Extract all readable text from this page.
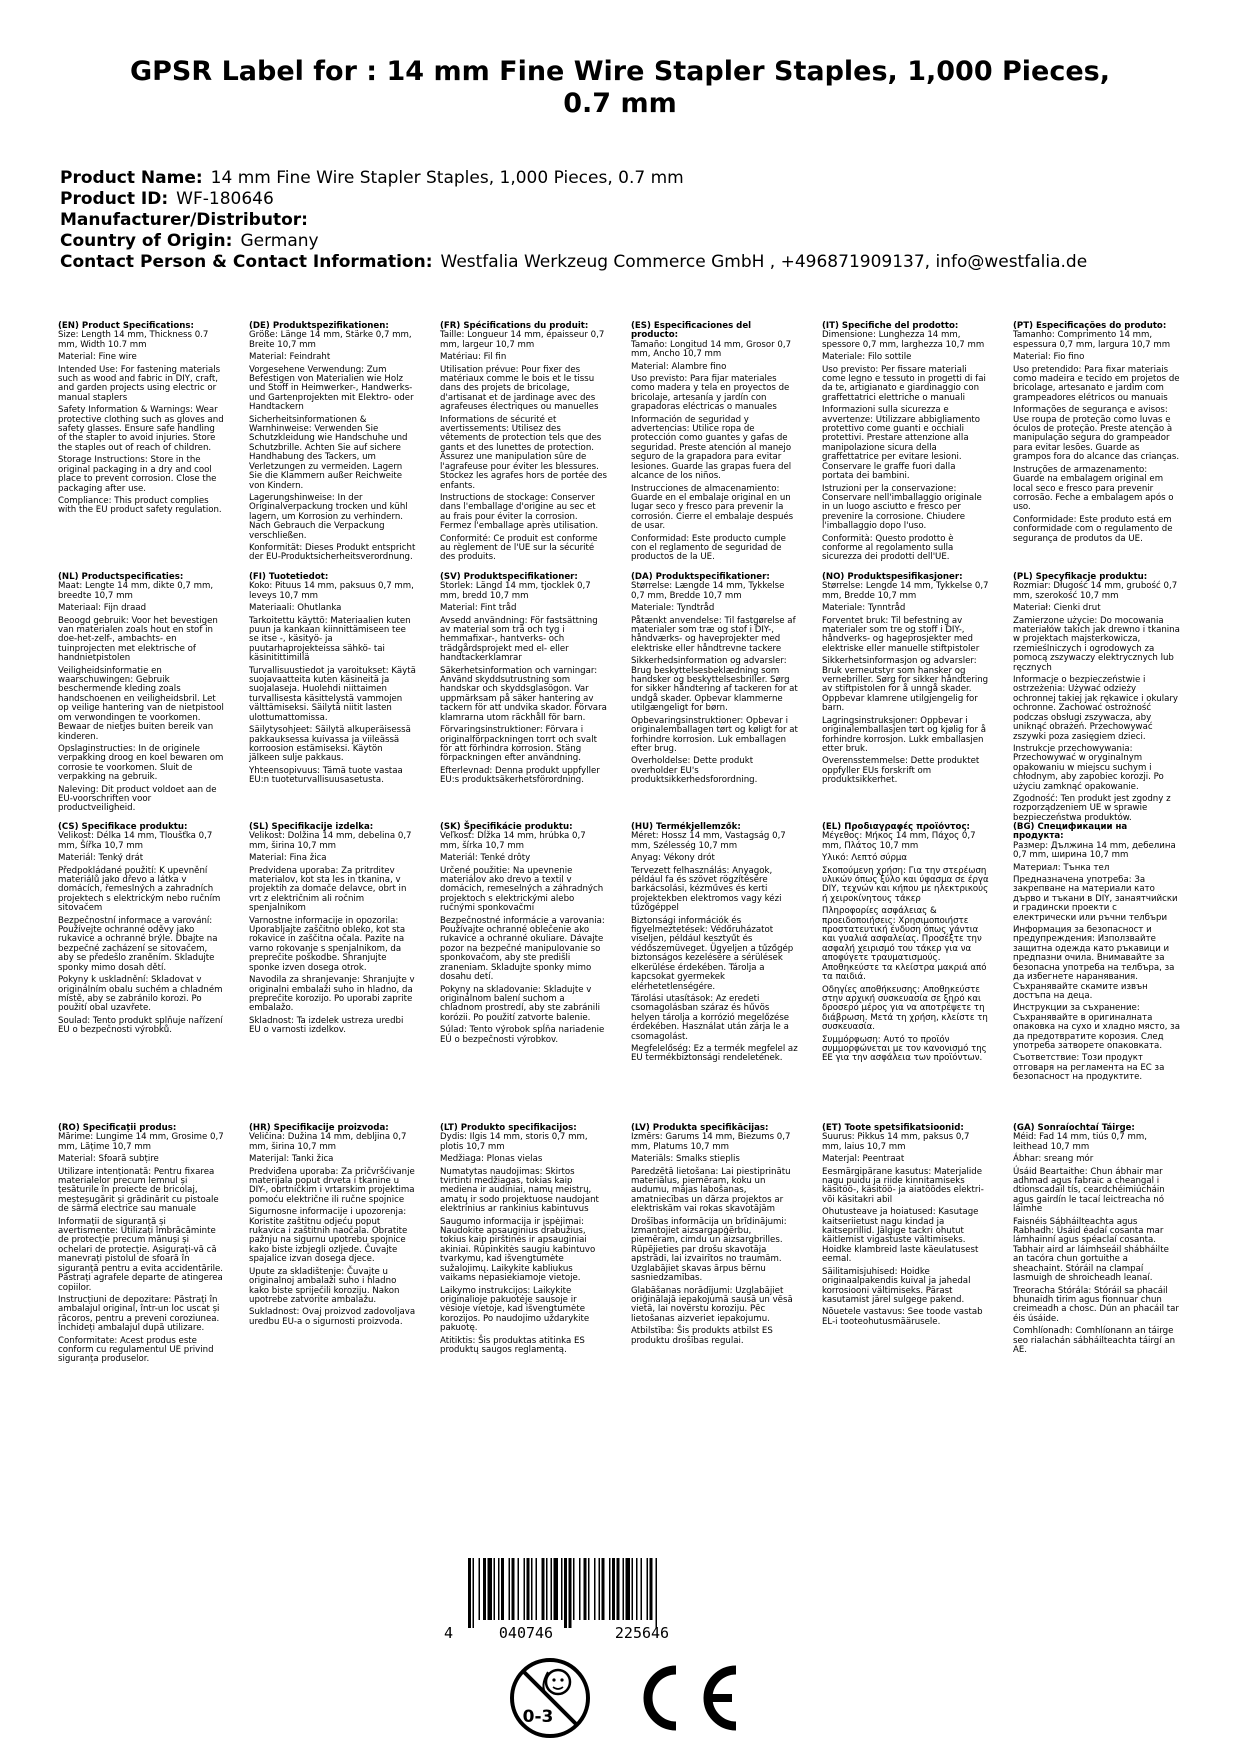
GPSR Label for : 14 mm Fine Wire Stapler Staples, 1,000 Pieces, 0.7 mm
Product Name: 14 mm Fine Wire Stapler Staples, 1,000 Pieces, 0.7 mm
Product ID: WF-180646
Manufacturer/Distributor:
Country of Origin: Germany
Contact Person & Contact Information: Westfalia Werkzeug Commerce GmbH , +496871909137, info@westfalia.de
(EN) Product Specifications:

Size: Length 14 mm, Thickness 0.7 mm, Width 10.7 mm

Material: Fine wire

Intended Use: For fastening materials such as wood and fabric in DIY, craft, and garden projects using electric or manual staplers

Safety Information & Warnings: Wear protective clothing such as gloves and safety glasses. Ensure safe handling of the stapler to avoid injuries. Store the staples out of reach of children.

Storage Instructions: Store in the original packaging in a dry and cool place to prevent corrosion. Close the packaging after use.

Compliance: This product complies with the EU product safety regulation.

(DE) Produktspezifikationen:

Größe: Länge 14 mm, Stärke 0,7 mm, Breite 10,7 mm

Material: Feindraht

Vorgesehene Verwendung: Zum Befestigen von Materialien wie Holz und Stoff in Heimwerker-, Handwerks- und Gartenprojekten mit Elektro- oder Handtackern

Sicherheitsinformationen & Warnhinweise: Verwenden Sie Schutzkleidung wie Handschuhe und Schutzbrille. Achten Sie auf sichere Handhabung des Tackers, um Verletzungen zu vermeiden. Lagern Sie die Klammern außer Reichweite von Kindern.

Lagerungshinweise: In der Originalverpackung trocken und kühl lagern, um Korrosion zu verhindern. Nach Gebrauch die Verpackung verschließen.

Konformität: Dieses Produkt entspricht der EU-Produktsicherheitsverordnung.

(FR) Spécifications du produit:

Taille: Longueur 14 mm, épaisseur 0,7 mm, largeur 10,7 mm

Matériau: Fil fin

Utilisation prévue: Pour fixer des matériaux comme le bois et le tissu dans des projets de bricolage, d'artisanat et de jardinage avec des agrafeuses électriques ou manuelles

Informations de sécurité et avertissements: Utilisez des vêtements de protection tels que des gants et des lunettes de protection. Assurez une manipulation sûre de l'agrafeuse pour éviter les blessures. Stockez les agrafes hors de portée des enfants.

Instructions de stockage: Conserver dans l'emballage d'origine au sec et au frais pour éviter la corrosion. Fermez l'emballage après utilisation.

Conformité: Ce produit est conforme au règlement de l'UE sur la sécurité des produits.

(ES) Especificaciones del producto:

Tamaño: Longitud 14 mm, Grosor 0,7 mm, Ancho 10,7 mm

Material: Alambre fino

Uso previsto: Para fijar materiales como madera y tela en proyectos de bricolaje, artesanía y jardín con grapadoras eléctricas o manuales

Información de seguridad y advertencias: Utilice ropa de protección como guantes y gafas de seguridad. Preste atención al manejo seguro de la grapadora para evitar lesiones. Guarde las grapas fuera del alcance de los niños.

Instrucciones de almacenamiento: Guarde en el embalaje original en un lugar seco y fresco para prevenir la corrosión. Cierre el embalaje después de usar.

Conformidad: Este producto cumple con el reglamento de seguridad de productos de la UE.

(IT) Specifiche del prodotto:

Dimensione: Lunghezza 14 mm, spessore 0,7 mm, larghezza 10,7 mm

Materiale: Filo sottile

Uso previsto: Per fissare materiali come legno e tessuto in progetti di fai da te, artigianato e giardinaggio con graffettatrici elettriche o manuali

Informazioni sulla sicurezza e avvertenze: Utilizzare abbigliamento protettivo come guanti e occhiali protettivi. Prestare attenzione alla manipolazione sicura della graffettatrice per evitare lesioni. Conservare le graffe fuori dalla portata dei bambini.

Istruzioni per la conservazione: Conservare nell'imballaggio originale in un luogo asciutto e fresco per prevenire la corrosione. Chiudere l'imballaggio dopo l'uso.

Conformità: Questo prodotto è conforme al regolamento sulla sicurezza dei prodotti dell'UE.

(PT) Especificações do produto:

Tamanho: Comprimento 14 mm, espessura 0,7 mm, largura 10,7 mm

Material: Fio fino

Uso pretendido: Para fixar materiais como madeira e tecido em projetos de bricolage, artesanato e jardim com grampeadores elétricos ou manuais

Informações de segurança e avisos: Use roupa de proteção como luvas e óculos de proteção. Preste atenção à manipulação segura do grampeador para evitar lesões. Guarde as grampos fora do alcance das crianças.

Instruções de armazenamento: Guarde na embalagem original em local seco e fresco para prevenir corrosão. Feche a embalagem após o uso.

Conformidade: Este produto está em conformidade com o regulamento de segurança de produtos da UE.

(NL) Productspecificaties:

Maat: Lengte 14 mm, dikte 0,7 mm, breedte 10,7 mm

Materiaal: Fijn draad

Beoogd gebruik: Voor het bevestigen van materialen zoals hout en stof in doe-het-zelf-, ambachts- en tuinprojecten met elektrische of handnietpistolen

Veiligheidsinformatie en waarschuwingen: Gebruik beschermende kleding zoals handschoenen en veiligheidsbril. Let op veilige hantering van de nietpistool om verwondingen te voorkomen. Bewaar de nietjes buiten bereik van kinderen.

Opslaginstructies: In de originele verpakking droog en koel bewaren om corrosie te voorkomen. Sluit de verpakking na gebruik.

Naleving: Dit product voldoet aan de EU-voorschriften voor productveiligheid.

(FI) Tuotetiedot:

Koko: Pituus 14 mm, paksuus 0,7 mm, leveys 10,7 mm

Materiaali: Ohutlanka

Tarkoitettu käyttö: Materiaalien kuten puun ja kankaan kiinnittämiseen tee se itse -, käsityö- ja puutarhaprojekteissa sähkö- tai käsinitittimillä

Turvallisuustiedot ja varoitukset: Käytä suojavaatteita kuten käsineitä ja suojalaseja. Huolehdi niittaimen turvallisesta käsittelystä vammojen välttämiseksi. Säilytä niitit lasten ulottumattomissa.

Säilytysohjeet: Säilytä alkuperäisessä pakkauksessa kuivassa ja viileässä korroosion estämiseksi. Käytön jälkeen sulje pakkaus.

Yhteensopivuus: Tämä tuote vastaa EU:n tuoteturvallisuusasetusta.

(SV) Produktspecifikationer:

Storlek: Längd 14 mm, tjocklek 0,7 mm, bredd 10,7 mm

Material: Fint tråd

Avsedd användning: För fastsättning av material som trä och tyg i hemmafixar-, hantverks- och trädgårdsprojekt med el- eller handtackerklamrar

Säkerhetsinformation och varningar: Använd skyddsutrustning som handskar och skyddsglasögon. Var uppmärksam på säker hantering av tackern för att undvika skador. Förvara klamrarna utom räckhåll för barn.

Förvaringsinstruktioner: Förvara i originalförpackningen torrt och svalt för att förhindra korrosion. Stäng förpackningen efter användning.

Efterlevnad: Denna produkt uppfyller EU:s produktsäkerhetsförordning.

(DA) Produktspecifikationer:

Størrelse: Længde 14 mm, Tykkelse 0,7 mm, Bredde 10,7 mm

Materiale: Tyndtråd

Påtænkt anvendelse: Til fastgørelse af materialer som træ og stof i DIY-, håndværks- og haveprojekter med elektriske eller håndtrevne tackere

Sikkerhedsinformation og advarsler: Brug beskyttelsesbeklædning som handsker og beskyttelsesbriller. Sørg for sikker håndtering af tackeren for at undgå skader. Opbevar klammerne utilgængeligt for børn.

Opbevaringsinstruktioner: Opbevar i originalemballagen tørt og køligt for at forhindre korrosion. Luk emballagen efter brug.

Overholdelse: Dette produkt overholder EU's produktsikkerhedsforordning.

(NO) Produktspesifikasjoner:

Størrelse: Lengde 14 mm, Tykkelse 0,7 mm, Bredde 10,7 mm

Materiale: Tynntråd

Forventet bruk: Til befestning av materialer som tre og stoff i DIY-, håndverks- og hageprosjekter med elektriske eller manuelle stiftpistoler

Sikkerhetsinformasjon og advarsler: Bruk verneutstyr som hansker og vernebriller. Sørg for sikker håndtering av stiftpistolen for å unngå skader. Oppbevar klamrene utilgjengelig for barn.

Lagringsinstruksjoner: Oppbevar i originalemballasjen tørt og kjølig for å forhindre korrosjon. Lukk emballasjen etter bruk.

Overensstemmelse: Dette produktet oppfyller EUs forskrift om produktsikkerhet.

(PL) Specyfikacje produktu:

Rozmiar: Długość 14 mm, grubość 0,7 mm, szerokość 10,7 mm

Materiał: Cienki drut

Zamierzone użycie: Do mocowania materiałów takich jak drewno i tkanina w projektach majsterkowicza, rzemieślniczych i ogrodowych za pomocą zszywaczy elektrycznych lub ręcznych

Informacje o bezpieczeństwie i ostrzeżenia: Używać odzieży ochronnej takiej jak rękawice i okulary ochronne. Zachować ostrożność podczas obsługi zszywacza, aby uniknąć obrażeń. Przechowywać zszywki poza zasięgiem dzieci.

Instrukcje przechowywania: Przechowywać w oryginalnym opakowaniu w miejscu suchym i chłodnym, aby zapobiec korozji. Po użyciu zamknąć opakowanie.

Zgodność: Ten produkt jest zgodny z rozporządzeniem UE w sprawie bezpieczeństwa produktów.

(CS) Specifikace produktu:

Velikost: Délka 14 mm, Tloušťka 0,7 mm, Šířka 10,7 mm

Materiál: Tenký drát

Předpokládané použití: K upevnění materiálů jako dřevo a látka v domácích, řemeslných a zahradních projektech s elektrickým nebo ručním sitovačem

Bezpečnostní informace a varování: Používejte ochranné oděvy jako rukavice a ochranné brýle. Dbajte na bezpečné zacházení se sitovačem, aby se předešlo zraněním. Skladujte sponky mimo dosah dětí.

Pokyny k uskladnění: Skladovat v originálním obalu suchém a chladném místě, aby se zabránilo korozi. Po použití obal uzavřete.

Soulad: Tento produkt splňuje nařízení EU o bezpečnosti výrobků.

(SL) Specifikacije izdelka:

Velikost: Dolžina 14 mm, debelina 0,7 mm, širina 10,7 mm

Material: Fina žica

Predvidena uporaba: Za pritrditev materialov, kot sta les in tkanina, v projektih za domače delavce, obrt in vrt z električnim ali ročnim spenjalnikom

Varnostne informacije in opozorila: Uporabljajte zaščitno obleko, kot sta rokavice in zaščitna očala. Pazite na varno rokovanje s spenjalnikom, da preprečite poškodbe. Shranjujte sponke izven dosega otrok.

Navodila za shranjevanje: Shranjujte v originalni embalaži suho in hladno, da preprečite korozijo. Po uporabi zaprite embalažo.

Skladnost: Ta izdelek ustreza uredbi EU o varnosti izdelkov.

(SK) Špecifikácie produktu:

Veľkosť: Dĺžka 14 mm, hrúbka 0,7 mm, šírka 10,7 mm

Materiál: Tenké drôty

Určené použitie: Na upevnenie materiálov ako drevo a textil v domácich, remeselných a záhradných projektoch s elektrickými alebo ručnými sponkovačmi

Bezpečnostné informácie a varovania: Používajte ochranné oblečenie ako rukavice a ochranné okuliare. Dávajte pozor na bezpečné manipulovanie so sponkovačom, aby ste predišli zraneniam. Skladujte sponky mimo dosahu detí.

Pokyny na skladovanie: Skladujte v originálnom balení suchom a chladnom prostredí, aby ste zabránili korózii. Po použití zatvorte balenie.

Súlad: Tento výrobok spĺňa nariadenie EÚ o bezpečnosti výrobkov.

(HU) Termékjellemzők:

Méret: Hossz 14 mm, Vastagság 0,7 mm, Szélesség 10,7 mm

Anyag: Vékony drót

Tervezett felhasználás: Anyagok, például fa és szövet rögzítésére barkácsolási, kézműves és kerti projektekben elektromos vagy kézi tűzőgéppel

Biztonsági információk és figyelmeztetések: Védőruházatot viseljen, például kesztyűt és védőszemüveget. Ügyeljen a tűzőgép biztonságos kezelésére a sérülések elkerülése érdekében. Tárolja a kapcsokat gyermekek elérhetetlenségére.

Tárolási utasítások: Az eredeti csomagolásban száraz és hűvös helyen tárolja a korrózió megelőzése érdekében. Használat után zárja le a csomagolást.

Megfelelőség: Ez a termék megfelel az EU termékbiztonsági rendeletének.

(EL) Προδιαγραφές προϊόντος:

Μέγεθος: Μήκος 14 mm, Πάχος 0,7 mm, Πλάτος 10,7 mm

Υλικό: Λεπτό σύρμα

Σκοπούμενη χρήση: Για την στερέωση υλικών όπως ξύλο και ύφασμα σε έργα DIY, τεχνών και κήπου με ηλεκτρικούς ή χειροκίνητους τάκερ

Πληροφορίες ασφάλειας & προειδοποιήσεις: Χρησιμοποιήστε προστατευτική ένδυση όπως γάντια και γυαλιά ασφαλείας. Προσέξτε την ασφαλή χειρισμό του τάκερ για να αποφύγετε τραυματισμούς. Αποθηκεύστε τα κλείστρα μακριά από τα παιδιά.

Οδηγίες αποθήκευσης: Αποθηκεύστε στην αρχική συσκευασία σε ξηρό και δροσερό μέρος για να αποτρέψετε τη διάβρωση. Μετά τη χρήση, κλείστε τη συσκευασία.

Συμμόρφωση: Αυτό το προϊόν συμμορφώνεται με τον κανονισμό της ΕΕ για την ασφάλεια των προϊόντων.

(BG) Спецификации на продукта:

Размер: Дължина 14 mm, дебелина 0,7 mm, ширина 10,7 mm

Материал: Тънка тел

Предназначена употреба: За закрепване на материали като дърво и тъкани в DIY, занаятчийски и градински проекти с електрически или ръчни телбъри

Информация за безопасност и предупреждения: Използвайте защитна одежда като ръкавици и предпазни очила. Внимавайте за безопасна употреба на телбъра, за да избегнете наранявания. Съхранявайте скамите извън достъпа на деца.

Инструкции за съхранение: Съхранявайте в оригиналната опаковка на сухо и хладно място, за да предотвратите корозия. След употреба затворете опаковката.

Съответствие: Този продукт отговаря на регламента на ЕС за безопасност на продуктите.

(RO) Specificații produs:

Mărime: Lungime 14 mm, Grosime 0,7 mm, Lățime 10,7 mm

Material: Sfoară subțire

Utilizare intenționată: Pentru fixarea materialelor precum lemnul și țesăturile în proiecte de bricolaj, meșteșugărit și grădinărit cu pistoale de sârmă electrice sau manuale

Informații de siguranță și avertismente: Utilizați îmbrăcăminte de protecție precum mănuși și ochelari de protecție. Asigurați-vă că manevrați pistolul de sfoară în siguranță pentru a evita accidentările. Păstrați agrafele departe de atingerea copiilor.

Instrucțiuni de depozitare: Păstrați în ambalajul original, într-un loc uscat și răcoros, pentru a preveni coroziunea. Închideți ambalajul după utilizare.

Conformitate: Acest produs este conform cu regulamentul UE privind siguranța produselor.

(HR) Specifikacije proizvoda:

Veličina: Dužina 14 mm, debljina 0,7 mm, širina 10,7 mm

Materijal: Tanki žica

Predviđena uporaba: Za pričvršćivanje materijala poput drveta i tkanine u DIY-, obrtničkim i vrtarskim projektima pomoću električne ili ručne spojnice

Sigurnosne informacije i upozorenja: Koristite zaštitnu odjeću poput rukavica i zaštitnih naočala. Obratite pažnju na sigurnu upotrebu spojnice kako biste izbjegli ozljede. Čuvajte spajalice izvan dosega djece.

Upute za skladištenje: Čuvajte u originalnoj ambalaži suho i hladno kako biste spriječili koroziju. Nakon upotrebe zatvorite ambalažu.

Sukladnost: Ovaj proizvod zadovoljava uredbu EU-a o sigurnosti proizvoda.

(LT) Produkto specifikacijos:

Dydis: Ilgis 14 mm, storis 0,7 mm, plotis 10,7 mm

Medžiaga: Plonas vielas

Numatytas naudojimas: Skirtos tvirtinti medžiagas, tokias kaip medienа ir audiniai, namų meistrų, amatų ir sodo projektuose naudojant elektrinius ar rankinius kabintuvus

Saugumo informacija ir įspėjimai: Naudokite apsauginius drabužius, tokius kaip pirštinės ir apsauginiai akiniai. Rūpinkitės saugiu kabintuvo tvarkymu, kad išvengtumėte sužalojimų. Laikykite kabliukus vaikams nepasiekiamoje vietoje.

Laikymo instrukcijos: Laikykite originalioje pakuotėje sausoje ir vėsioje vietoje, kad išvengtumėte korozijos. Po naudojimo uždarykite pakuotę.

Atitiktis: Šis produktas atitinka ES produktų saugos reglamentą.

(LV) Produkta specifikācijas:

Izmērs: Garums 14 mm, Biezums 0,7 mm, Platums 10,7 mm

Materiāls: Smalks stieplis

Paredzētā lietošana: Lai piestiprinātu materiālus, piemēram, koku un audumu, mājas labošanas, amatniecības un dārza projektos ar elektriskām vai rokas skavotājām

Drošības informācija un brīdinājumi: Izmantojiet aizsargapģērbu, piemēram, cimdu un aizsargbrilles. Rūpējieties par drošu skavotāja apstrādi, lai izvairītos no traumām. Uzglabājiet skavas ārpus bērnu sasniedzamības.

Glabāšanas norādījumi: Uzglabājiet oriģinālajā iepakojumā sausā un vēsā vietā, lai novērstu koroziju. Pēc lietošanas aizveriet iepakojumu.

Atbilstība: Šis produkts atbilst ES produktu drošības regulai.

(ET) Toote spetsifikatsioonid:

Suurus: Pikkus 14 mm, paksus 0,7 mm, laius 10,7 mm

Materjal: Peentraat

Eesmärgipärane kasutus: Materjalide nagu puidu ja riide kinnitamiseks käsitöö-, käsitöö- ja aiatöödes elektri- või käsitakri abil

Ohutusteave ja hoiatused: Kasutage kaitseriietust nagu kindad ja kaitseprillid. Jälgige tackri ohutut käitlemist vigastuste vältimiseks. Hoidke klambreid laste käeulatusest eemal.

Säilitamisjuhised: Hoidke originaalpakendis kuival ja jahedal korrosiooni vältimiseks. Pärast kasutamist järel sulgege pakend.

Nõuetele vastavus: See toode vastab EL-i tooteohutusmäärusele.

(GA) Sonraíochtaí Táirge:

Méid: Fad 14 mm, tiús 0,7 mm, leithead 10,7 mm

Ábhar: sreang mór

Úsáid Beartaithe: Chun ábhair mar adhmad agus fabraic a cheangal i dtionscadail tís, ceardchéimiúcháin agus gairdín le tacaí leictreacha nó láimhe

Faisnéis Sábháilteachta agus Rabhadh: Úsáid éadaí cosanta mar lámhainní agus spéaclaí cosanta. Tabhair aird ar láimhseáil shábháilte an tacóra chun gortuithe a sheachaint. Stóráil na clampaí lasmuigh de shroicheadh leanaí.

Treoracha Stórála: Stóráil sa phacáil bhunaidh tirim agus fionnuar chun creimeadh a chosc. Dún an phacáil tar éis úsáide.

Comhlíonadh: Comhlíonann an táirge seo rialachán sábháilteachta táirgí an AE.

4	040746	225646
0-3
